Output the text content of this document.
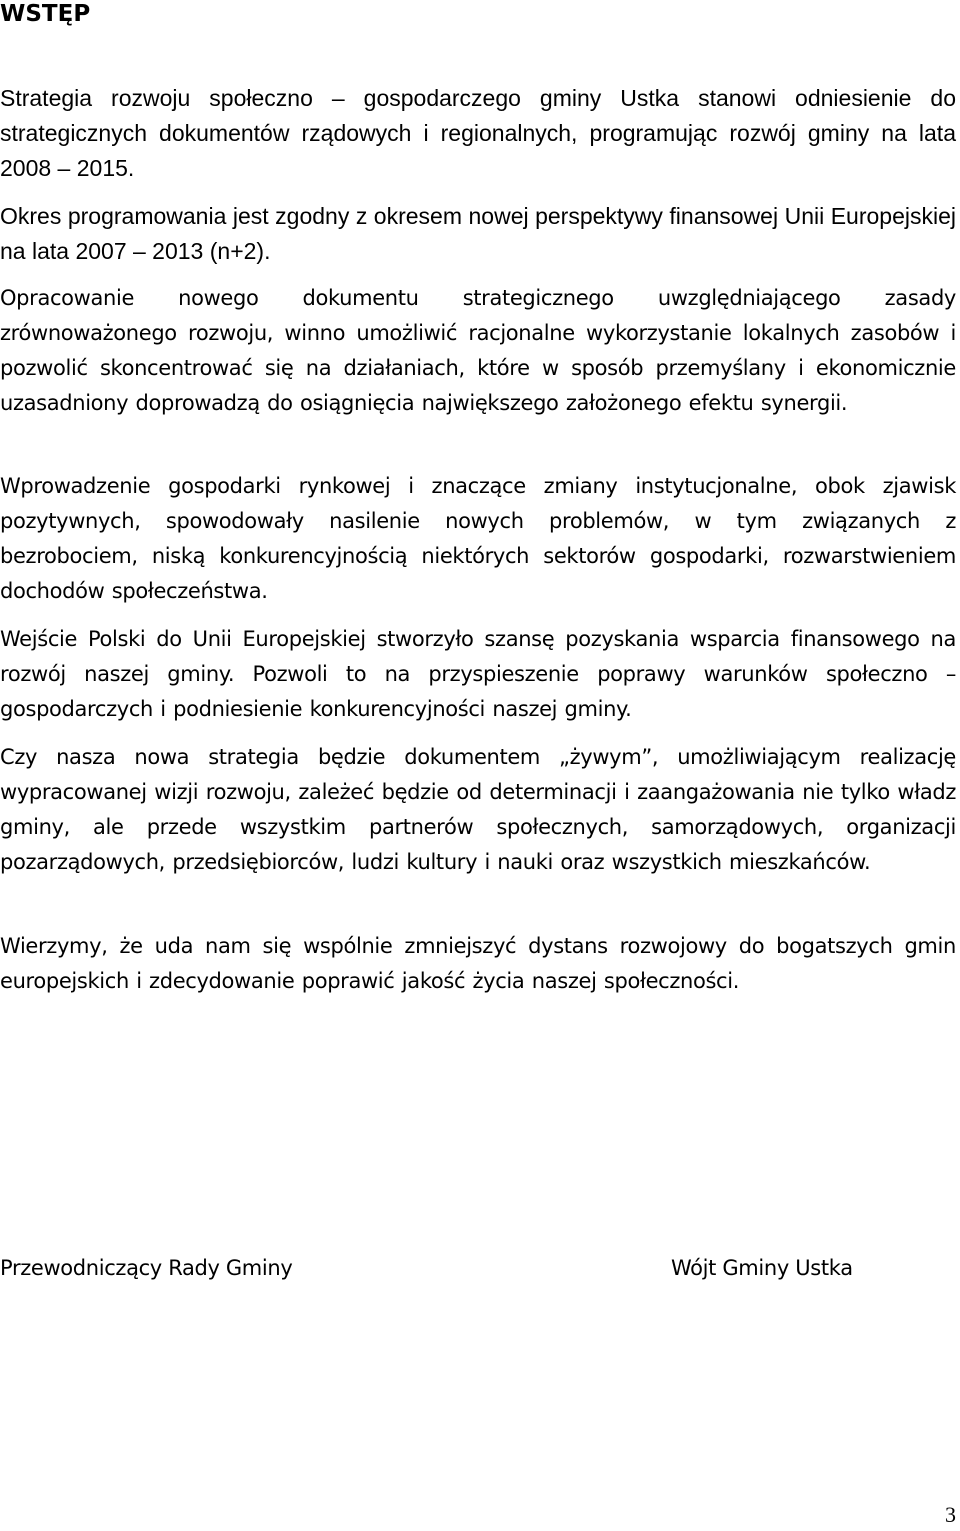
WSTĘP

Strategia rozwoju społeczno – gospodarczego gminy Ustka stanowi odniesienie do strategicznych dokumentów rządowych i regionalnych, programując rozwój gminy na lata 2008 – 2015.

Okres programowania jest zgodny z okresem nowej perspektywy finansowej Unii Europejskiej na lata 2007 – 2013 (n+2).

Opracowanie nowego dokumentu strategicznego uwzględniającego zasady zrównoważonego rozwoju, winno umożliwić racjonalne wykorzystanie lokalnych zasobów i pozwolić skoncentrować się na działaniach, które w sposób przemyślany i ekonomicznie uzasadniony doprowadzą do osiągnięcia największego założonego efektu synergii.

Wprowadzenie gospodarki rynkowej i znaczące zmiany instytucjonalne, obok zjawisk pozytywnych, spowodowały nasilenie nowych problemów, w tym związanych z bezrobociem, niską konkurencyjnością niektórych sektorów gospodarki, rozwarstwieniem dochodów społeczeństwa.

Wejście Polski do Unii Europejskiej stworzyło szansę pozyskania wsparcia finansowego na rozwój naszej gminy. Pozwoli to na przyspieszenie poprawy warunków społeczno – gospodarczych i podniesienie konkurencyjności naszej gminy.

Czy nasza nowa strategia będzie dokumentem „żywym”, umożliwiającym realizację wypracowanej wizji rozwoju, zależeć będzie od determinacji i zaangażowania nie tylko władz gminy, ale przede wszystkim partnerów społecznych, samorządowych, organizacji pozarządowych, przedsiębiorców, ludzi kultury i nauki oraz wszystkich mieszkańców.

Wierzymy, że uda nam się wspólnie zmniejszyć dystans rozwojowy do bogatszych gmin europejskich i zdecydowanie poprawić jakość życia naszej społeczności.

Przewodniczący Rady Gminy	Wójt Gminy Ustka

3
